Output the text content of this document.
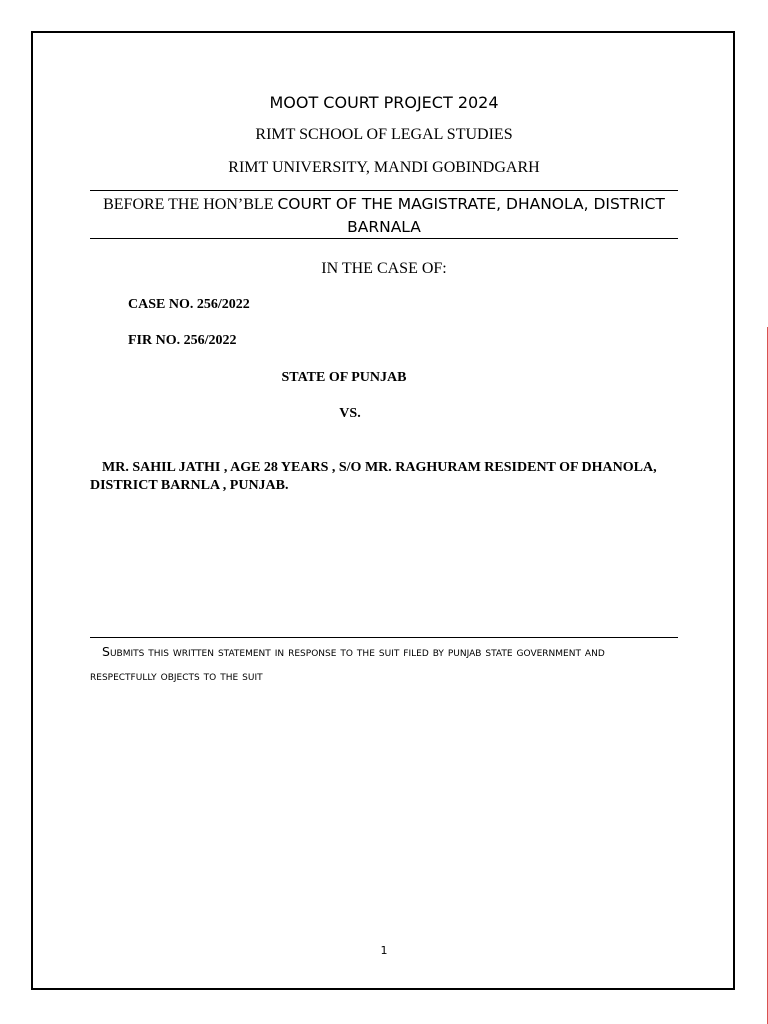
MOOT COURT PROJECT 2024
RIMT SCHOOL OF LEGAL STUDIES
RIMT UNIVERSITY, MANDI GOBINDGARH
BEFORE THE HON’BLE COURT OF THE MAGISTRATE, DHANOLA, DISTRICT BARNALA
IN THE CASE OF:
CASE NO. 256/2022
FIR NO. 256/2022
STATE OF PUNJAB
VS.
MR. SAHIL JATHI , AGE 28 YEARS , S/O MR. RAGHURAM RESIDENT OF DHANOLA, DISTRICT BARNLA , PUNJAB.
Submits this written statement in response to the suit filed by punjab state government and respectfully objects to the suit
1
